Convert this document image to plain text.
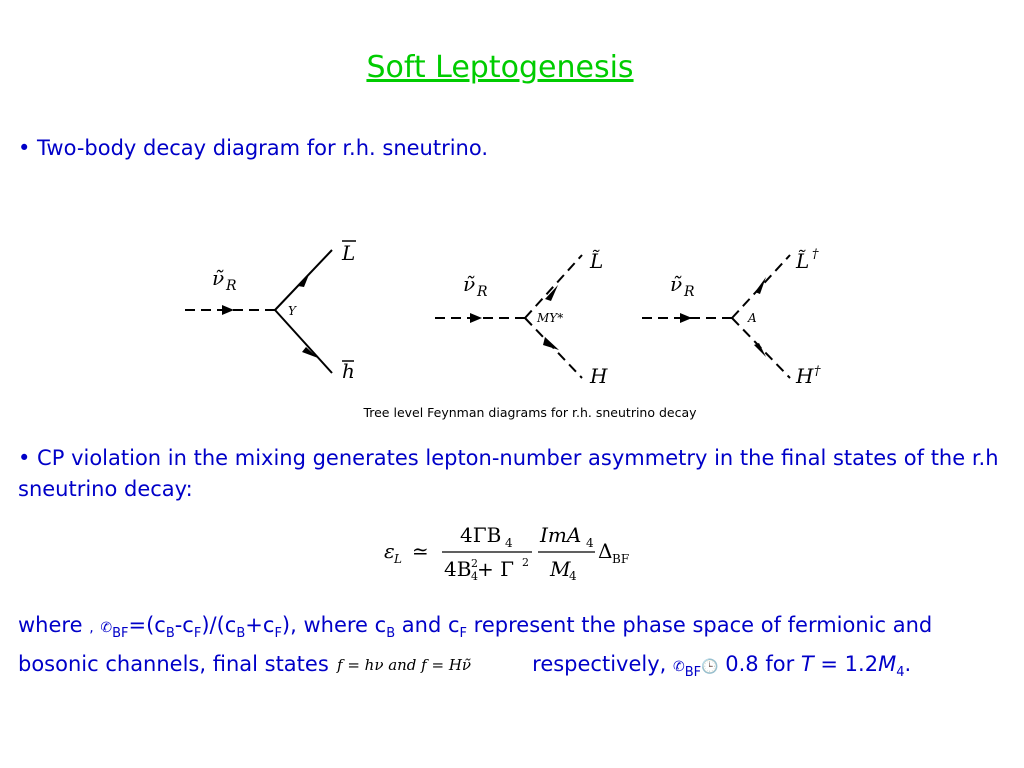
Soft Leptogenesis
• Two-body decay diagram for r.h. sneutrino.
ν̃ R
Y
L
h
ν̃ R
MY*
L̃
H
ν̃ R
A
L̃ †
H †
Tree level Feynman diagrams for r.h. sneutrino decay
• CP violation in the mixing generates lepton-number asymmetry in the final states of the r.h sneutrino decay:
ε L ≃
4ΓB 4
4B 2
4 + Γ 2
ImA 4
M
4
Δ BF
where , $✆_{BF}=(c_B-c_F)/(c_B+c_F)$, where $c_B$ and $c_F$ represent the phase space of fermionic and bosonic channels, final states f = hν and f = Hν̃	respectively, $✆_{BF}🕒$ 0.8 for $T = 1.2M_4$.
